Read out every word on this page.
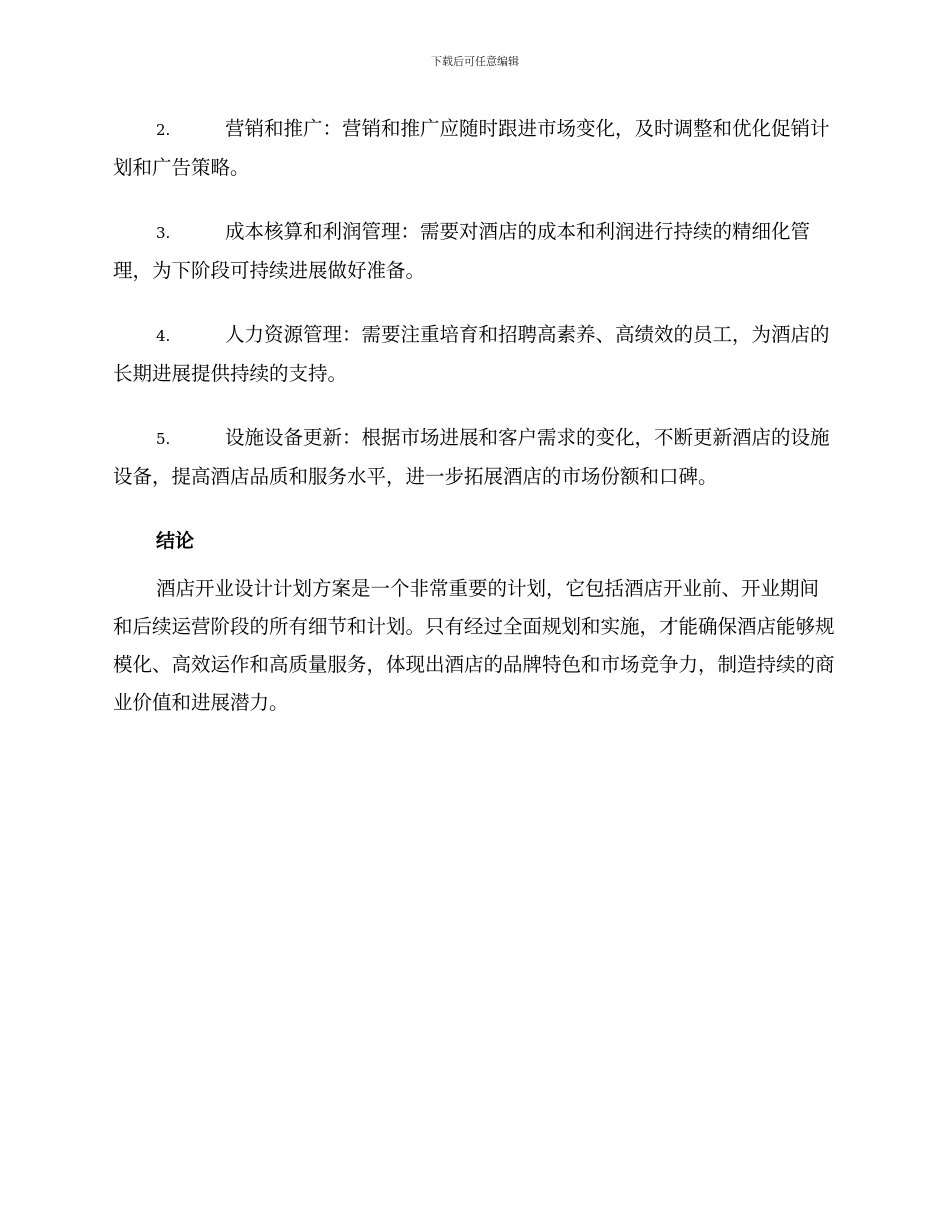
下载后可任意编辑

2.	营销和推广：营销和推广应随时跟进市场变化，及时调整和优化促销计划和广告策略。

3.	成本核算和利润管理：需要对酒店的成本和利润进行持续的精细化管理，为下阶段可持续进展做好准备。

4.	人力资源管理：需要注重培育和招聘高素养、高绩效的员工，为酒店的长期进展提供持续的支持。

5.	设施设备更新：根据市场进展和客户需求的变化，不断更新酒店的设施设备，提高酒店品质和服务水平，进一步拓展酒店的市场份额和口碑。

结论

酒店开业设计计划方案是一个非常重要的计划，它包括酒店开业前、开业期间和后续运营阶段的所有细节和计划。只有经过全面规划和实施，才能确保酒店能够规模化、高效运作和高质量服务，体现出酒店的品牌特色和市场竞争力，制造持续的商业价值和进展潜力。
